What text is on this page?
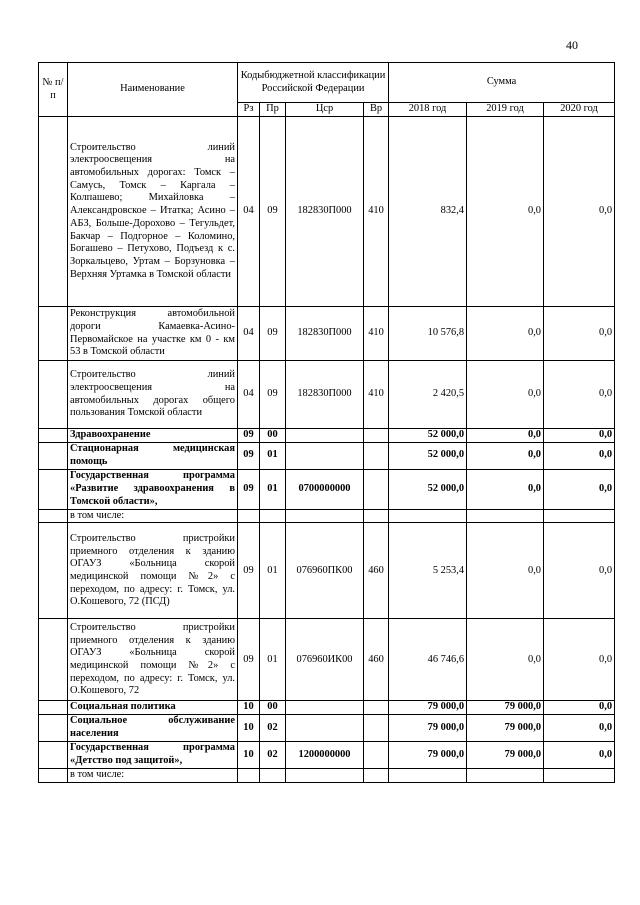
40
№ п/п	Наименование	Кодыбюджетной классификации Российской Федерации				Сумма		
		Рз	Пр	Цср	Вр	2018 год	2019 год	2020 год
	Строительство линий электроосвещения на автомобильных дорогах: Томск – Самусь, Томск – Каргала – Колпашево; Михайловка – Александровское – Итатка; Асино – АБЗ, Больше-Дорохово – Тегульдет, Бакчар – Подгорное – Коломино, Богашево – Петухово, Подъезд к с. Зоркальцево, Уртам – Борзуновка – Верхняя Уртамка в Томской области	04	09	182830П000	410	832,4	0,0	0,0
	Реконструкция автомобильной дороги Камаевка-Асино-Первомайское на участке км 0 - км 53 в Томской области	04	09	182830П000	410	10 576,8	0,0	0,0
	Строительство линий электроосвещения на автомобильных дорогах общего пользования Томской области	04	09	182830П000	410	2 420,5	0,0	0,0
	Здравоохранение	09	00			52 000,0	0,0	0,0
	Стационарная медицинская помощь	09	01			52 000,0	0,0	0,0
	Государственная программа «Развитие здравоохранения в Томской области»,	09	01	0700000000		52 000,0	0,0	0,0
	в том числе:							
	Строительство пристройки приемного отделения к зданию ОГАУЗ «Больница скорой медицинской помощи №2» с переходом, по адресу: г. Томск, ул. О.Кошевого, 72 (ПСД)	09	01	076960ПК00	460	5 253,4	0,0	0,0
	Строительство пристройки приемного отделения к зданию ОГАУЗ «Больница скорой медицинской помощи №2» с переходом, по адресу: г. Томск, ул. О.Кошевого, 72	09	01	076960ИК00	460	46 746,6	0,0	0,0
	Социальная политика	10	00			79 000,0	79 000,0	0,0
	Социальное обслуживание населения	10	02			79 000,0	79 000,0	0,0
	Государственная программа «Детство под защитой»,	10	02	1200000000		79 000,0	79 000,0	0,0
	в том числе:							
